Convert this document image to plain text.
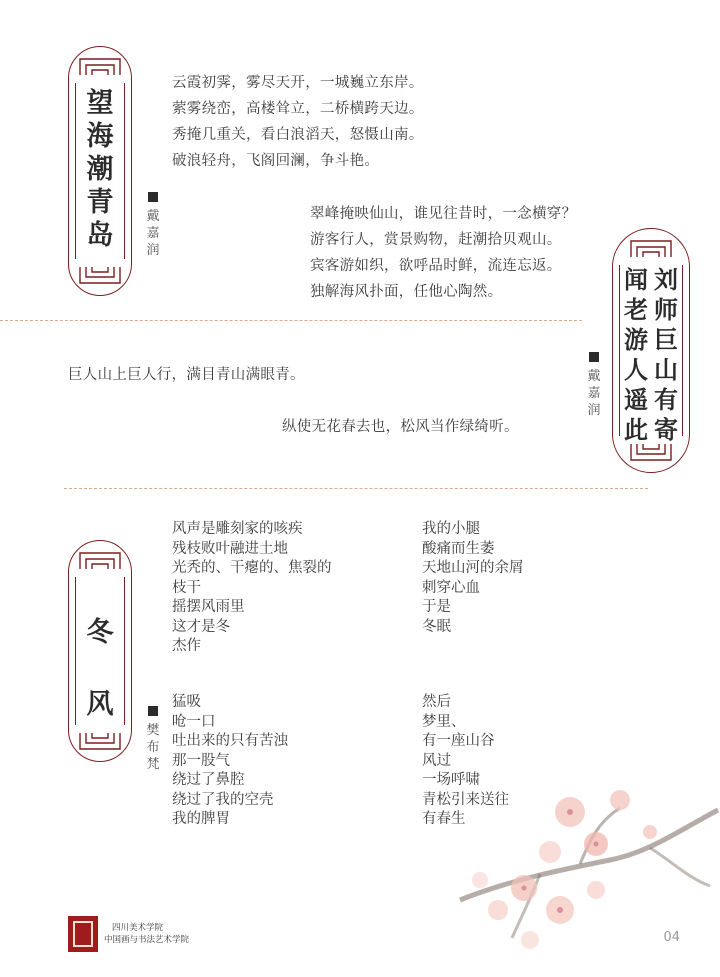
望
海
潮
青
岛
戴
嘉
润
云霞初霁，雾尽天开，一城巍立东岸。
萦雾绕峦，高楼耸立，二桥横跨天边。
秀掩几重关，看白浪滔天，怒慑山南。
破浪轻舟，飞阁回澜，争斗艳。
翠峰掩映仙山，谁见往昔时，一念横穿？
游客行人，赏景购物，赶潮拾贝观山。
宾客游如织，欲呼品时鲜，流连忘返。
独解海风扑面，任他心陶然。	闻
老
游
人
遥
此
刘
师
巨
山
有
寄
戴
嘉
润
巨人山上巨人行，满目青山满眼青。
纵使无花春去也，松风当作绿绮听。
冬
风
樊
布
梵
风声是雕刻家的咳疾
残枝败叶融进土地
光秃的、干瘪的、焦裂的
枝干
摇摆风雨里
这才是冬
杰作
我的小腿
酸痛而生萎
天地山河的余屑
刺穿心血
于是
冬眠
猛吸
呛一口
吐出来的只有苦浊
那一股气
绕过了鼻腔
绕过了我的空壳
我的脾胃
然后
梦里、
有一座山谷
风过
一场呼啸
青松引来送往
有春生
四川美术学院
中国画与书法艺术学院	04
